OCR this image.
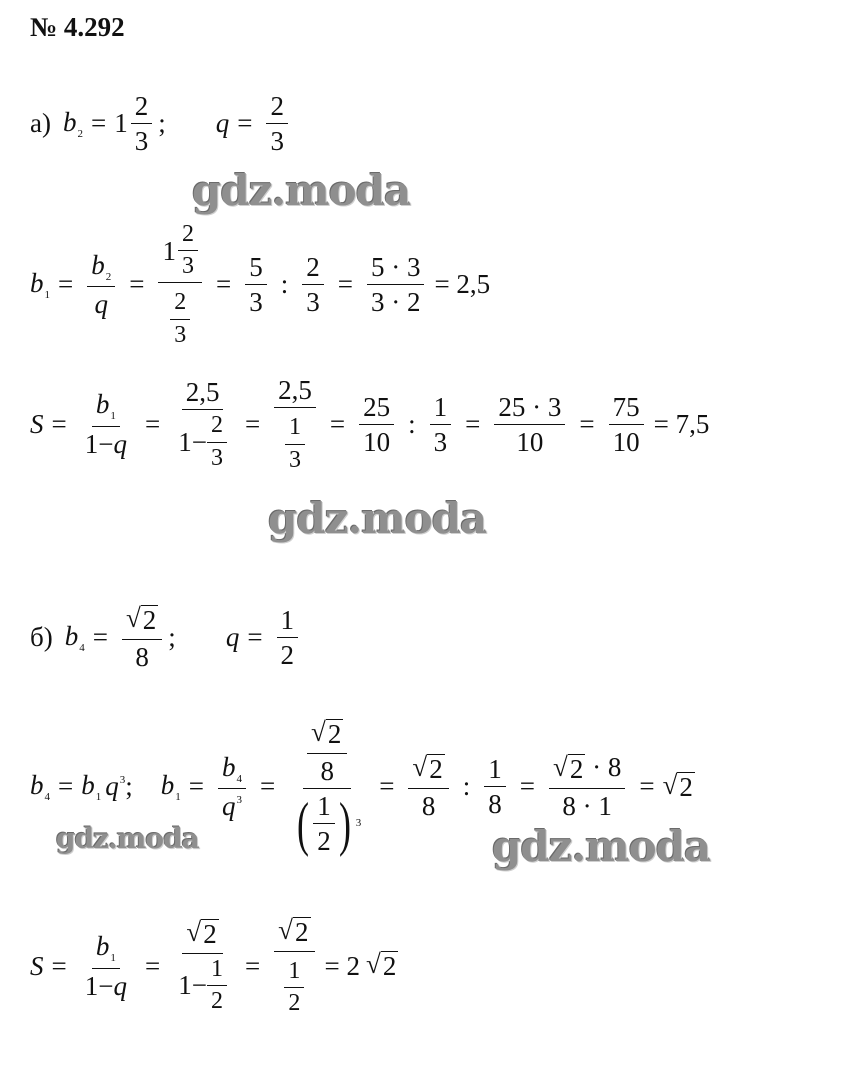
№ 4.292
а) $b_2 = 1 \frac{2}{3}$ ; $q = \frac{2}{3}$
gdz.moda
$b_1 = \frac{b_2}{q} = \frac{1 \frac{2}{3}}{\frac{2}{3}} = \frac{5}{3}$ : $\frac{2}{3} = \frac{5 \cdot 3}{3 \cdot 2} = 2,5$
$S = \frac{b_1}{1-q} = \frac{2,5}{1- \frac{2}{3}} = \frac{2,5}{\frac{1}{3}} = \frac{25}{10}$ : $\frac{1}{3} = \frac{25 \cdot 3}{10} = \frac{75}{10} = 7,5$
gdz.moda
б) $b_4 = \frac{√ 2}{8}$ ; $q = \frac{1}{2}$
$b_4 = b_1$ $q^3$ ; $b_1 = \frac{b_4}{q^3} = \frac{\frac{√ 2}{8}}{( \frac{1}{2} ) 3} = \frac{√ 2}{8}$ : $\frac{1}{8} = \frac{√ 2 \cdot 8}{8 \cdot 1}$ = √ 2
gdz.moda	gdz.moda
$S = \frac{b_1}{1-q} = \frac{√ 2}{1- \frac{1}{2}} = \frac{√ 2}{\frac{1}{2}} = 2$ √ 2
